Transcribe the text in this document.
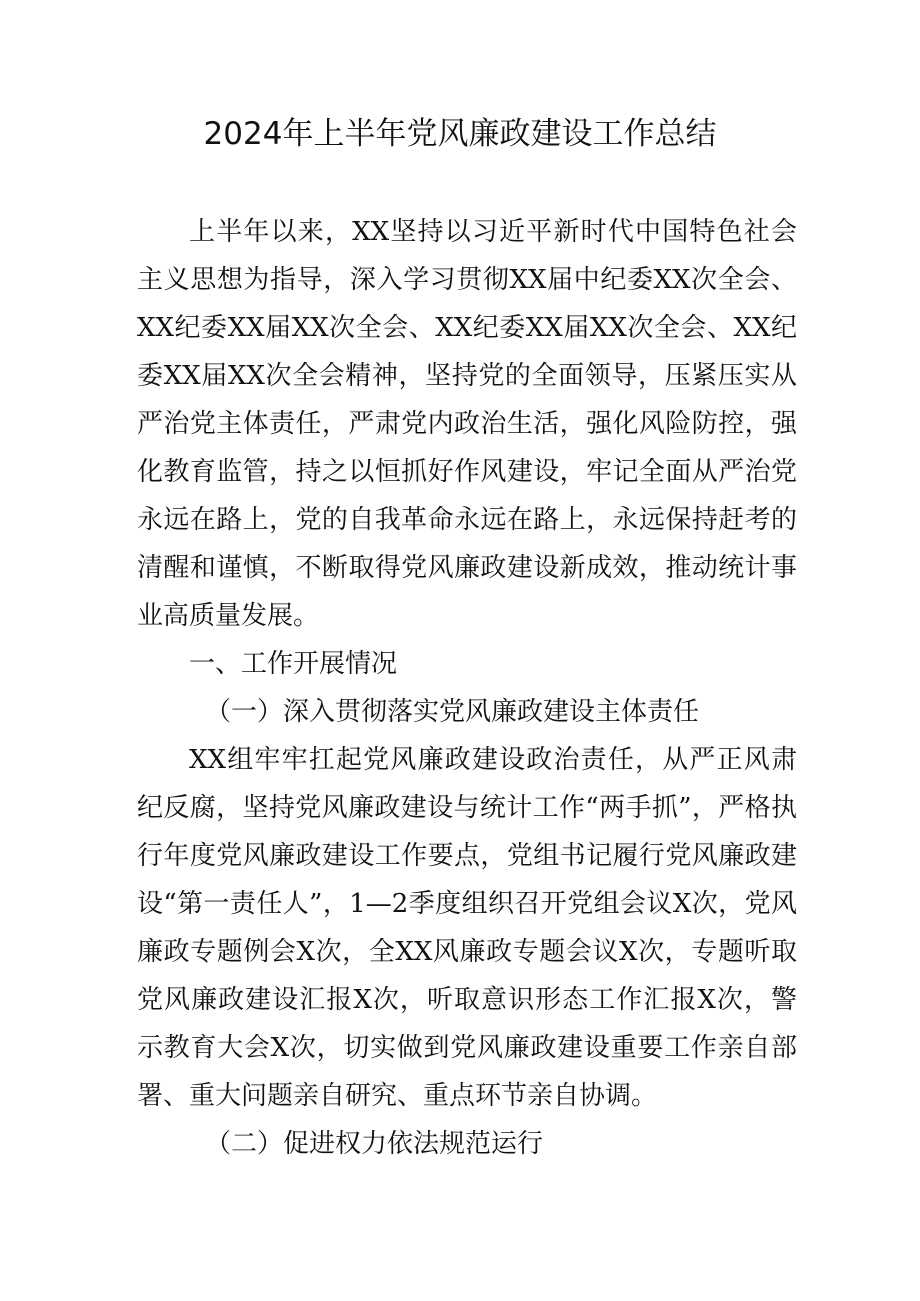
2024年上半年党风廉政建设工作总结

上半年以来，XX坚持以习近平新时代中国特色社会主义思想为指导，深入学习贯彻XX届中纪委XX次全会、XX纪委XX届XX次全会、XX纪委XX届XX次全会、XX纪委XX届XX次全会精神，坚持党的全面领导，压紧压实从严治党主体责任，严肃党内政治生活，强化风险防控，强化教育监管，持之以恒抓好作风建设，牢记全面从严治党永远在路上，党的自我革命永远在路上，永远保持赶考的清醒和谨慎，不断取得党风廉政建设新成效，推动统计事业高质量发展。

一、工作开展情况

（一）深入贯彻落实党风廉政建设主体责任

XX组牢牢扛起党风廉政建设政治责任，从严正风肃纪反腐，坚持党风廉政建设与统计工作“两手抓”，严格执行年度党风廉政建设工作要点，党组书记履行党风廉政建设“第一责任人”，1—2季度组织召开党组会议X次，党风廉政专题例会X次，全XX风廉政专题会议X次，专题听取党风廉政建设汇报X次，听取意识形态工作汇报X次，警示教育大会X次，切实做到党风廉政建设重要工作亲自部署、重大问题亲自研究、重点环节亲自协调。

（二）促进权力依法规范运行
